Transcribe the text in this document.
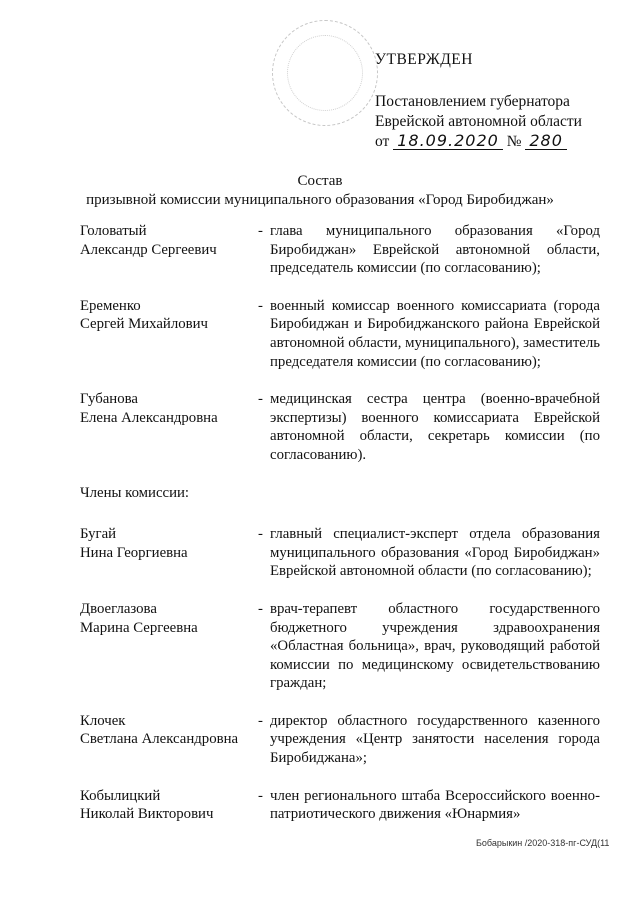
УТВЕРЖДЕН
Постановлением губернатора
Еврейской автономной области
от 18.09.2020 № 280
Состав
призывной комиссии муниципального образования «Город Биробиджан»
Головатый
Александр Сергеевич
- глава муниципального образования «Город Биробиджан» Еврейской автономной области, председатель комиссии (по согласованию);
Еременко
Сергей Михайлович
- военный комиссар военного комиссариата (города Биробиджан и Биробиджанского района Еврейской автономной области, муниципального), заместитель председателя комиссии (по согласованию);
Губанова
Елена Александровна
- медицинская сестра центра (военно-врачебной экспертизы) военного комиссариата Еврейской автономной области, секретарь комиссии (по согласованию).
Члены комиссии:
Бугай
Нина Георгиевна
- главный специалист-эксперт отдела образования муниципального образования «Город Биробиджан» Еврейской автономной области (по согласованию);
Двоеглазова
Марина Сергеевна
- врач-терапевт областного государственного бюджетного учреждения здравоохранения «Областная больница», врач, руководящий работой комиссии по медицинскому освидетельствованию граждан;
Клочек
Светлана Александровна
- директор областного государственного казенного учреждения «Центр занятости населения города Биробиджана»;
Кобылицкий
Николай Викторович
- член регионального штаба Всероссийского военно-патриотического движения «Юнармия»
Бобарыкин /2020-318-пг-СУД(11
